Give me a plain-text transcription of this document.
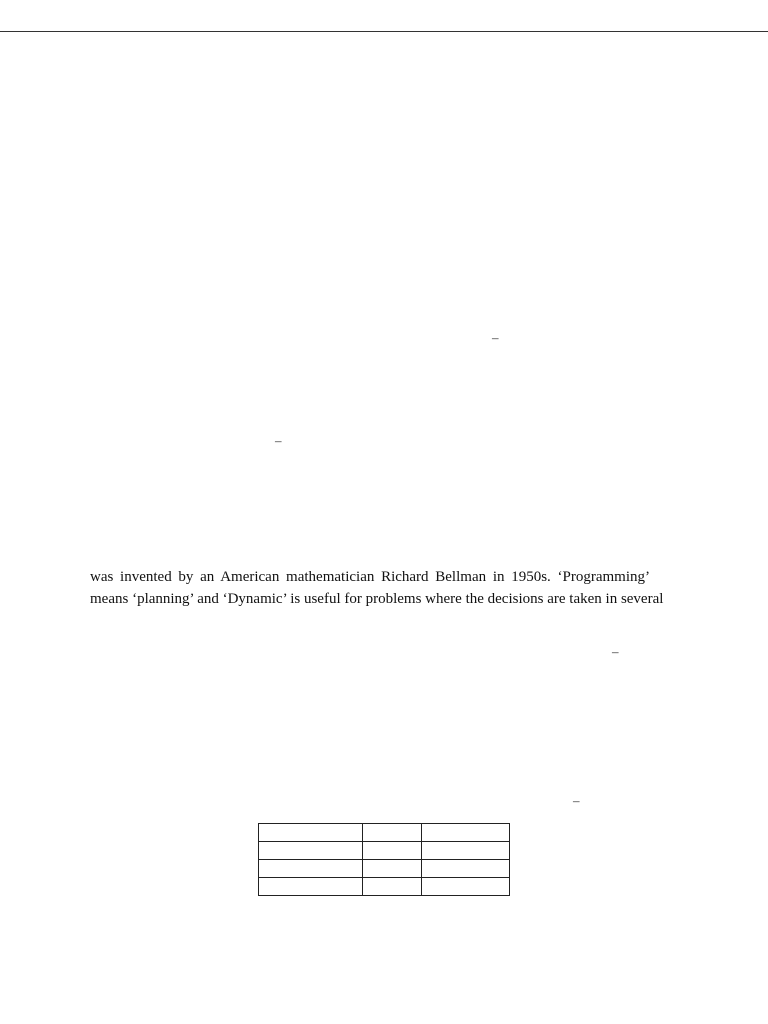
–
–
was invented by an American mathematician Richard Bellman in 1950s. ‘Programming’
means ‘planning’ and ‘Dynamic’ is useful for problems where the decisions are taken in several
–
–
